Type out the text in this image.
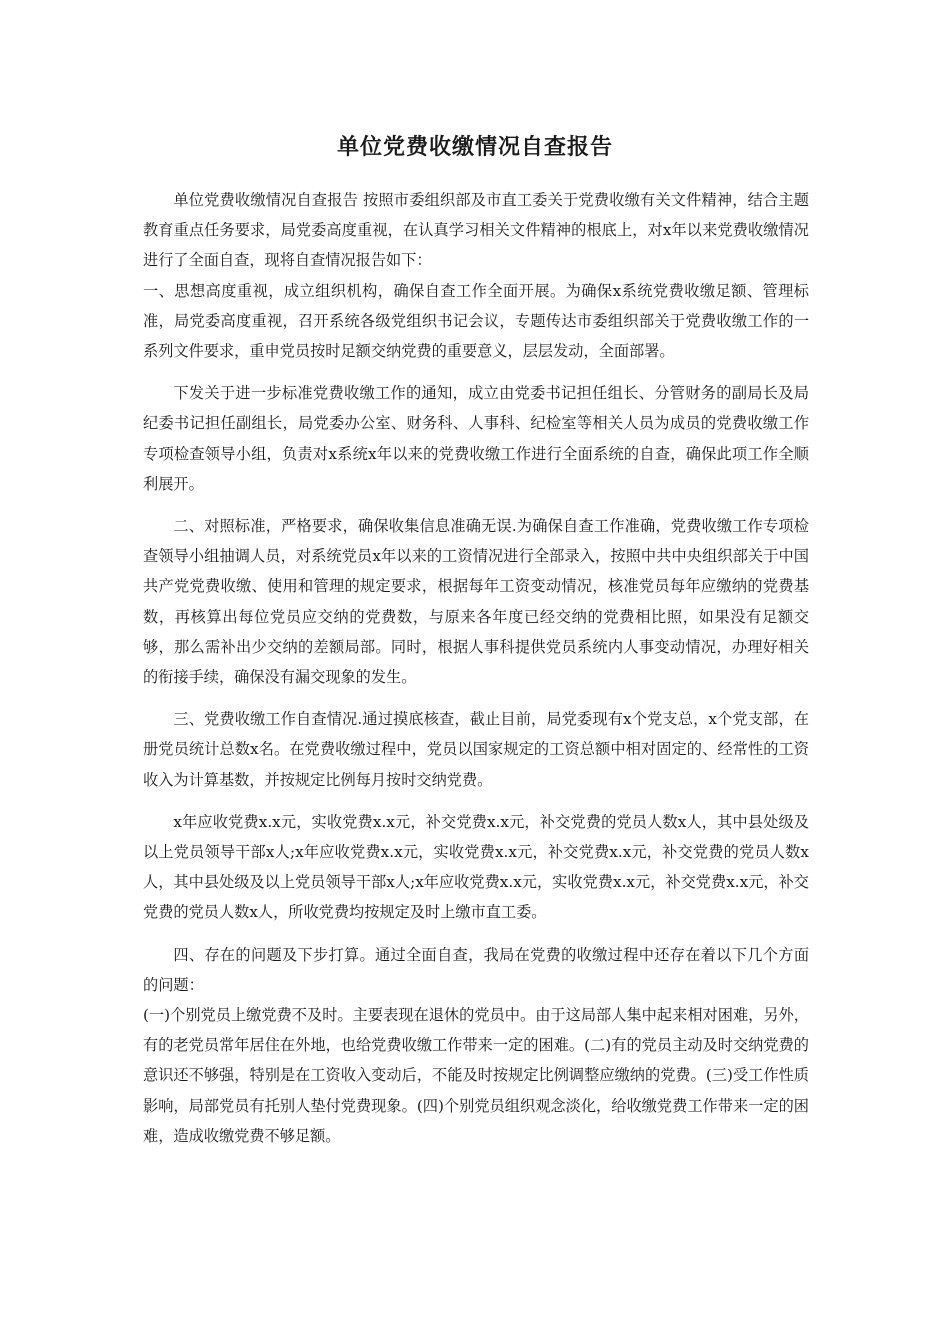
单位党费收缴情况自查报告

单位党费收缴情况自查报告 按照市委组织部及市直工委关于党费收缴有关文件精神，结合主题教育重点任务要求，局党委高度重视，在认真学习相关文件精神的根底上，对x年以来党费收缴情况进行了全面自查，现将自查情况报告如下：

一、思想高度重视，成立组织机构，确保自查工作全面开展。为确保x系统党费收缴足额、管理标准，局党委高度重视，召开系统各级党组织书记会议，专题传达市委组织部关于党费收缴工作的一系列文件要求，重申党员按时足额交纳党费的重要意义，层层发动，全面部署。

下发关于进一步标准党费收缴工作的通知，成立由党委书记担任组长、分管财务的副局长及局纪委书记担任副组长，局党委办公室、财务科、人事科、纪检室等相关人员为成员的党费收缴工作专项检查领导小组，负责对x系统x年以来的党费收缴工作进行全面系统的自查，确保此项工作全顺利展开。

二、对照标准，严格要求，确保收集信息准确无误.为确保自查工作准确，党费收缴工作专项检查领导小组抽调人员，对系统党员x年以来的工资情况进行全部录入，按照中共中央组织部关于中国共产党党费收缴、使用和管理的规定要求，根据每年工资变动情况，核准党员每年应缴纳的党费基数，再核算出每位党员应交纳的党费数，与原来各年度已经交纳的党费相比照，如果没有足额交够，那么需补出少交纳的差额局部。同时，根据人事科提供党员系统内人事变动情况，办理好相关的衔接手续，确保没有漏交现象的发生。

三、党费收缴工作自查情况.通过摸底核查，截止目前，局党委现有x个党支总，x个党支部，在册党员统计总数x名。在党费收缴过程中，党员以国家规定的工资总额中相对固定的、经常性的工资收入为计算基数，并按规定比例每月按时交纳党费。

x年应收党费x.x元，实收党费x.x元，补交党费x.x元，补交党费的党员人数x人，其中县处级及以上党员领导干部x人;x年应收党费x.x元，实收党费x.x元，补交党费x.x元，补交党费的党员人数x人，其中县处级及以上党员领导干部x人;x年应收党费x.x元，实收党费x.x元，补交党费x.x元，补交党费的党员人数x人，所收党费均按规定及时上缴市直工委。

四、存在的问题及下步打算。通过全面自查，我局在党费的收缴过程中还存在着以下几个方面的问题：

(一)个别党员上缴党费不及时。主要表现在退休的党员中。由于这局部人集中起来相对困难，另外，有的老党员常年居住在外地，也给党费收缴工作带来一定的困难。(二)有的党员主动及时交纳党费的意识还不够强，特别是在工资收入变动后，不能及时按规定比例调整应缴纳的党费。(三)受工作性质影响，局部党员有托别人垫付党费现象。(四)个别党员组织观念淡化，给收缴党费工作带来一定的困难，造成收缴党费不够足额。
